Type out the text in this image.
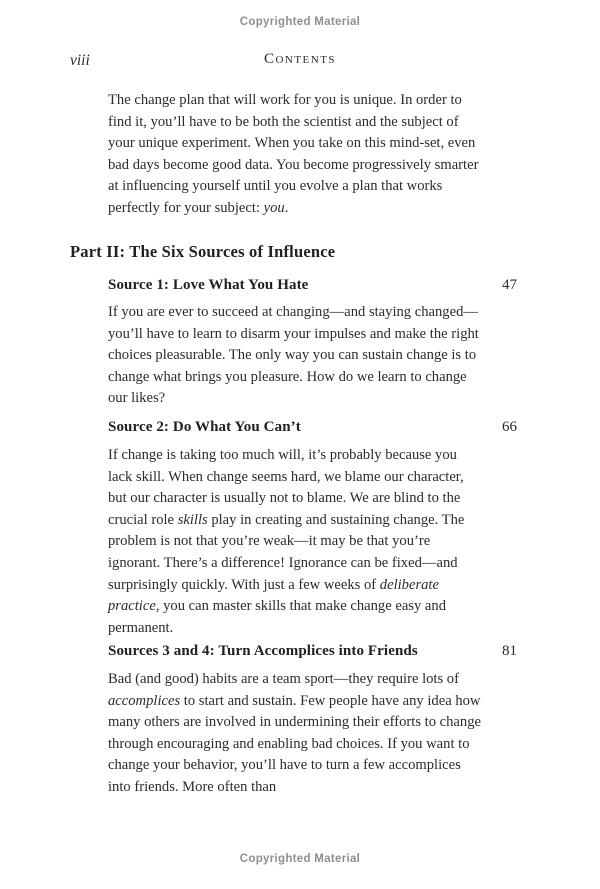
Copyrighted Material
viii	Contents
The change plan that will work for you is unique. In order to find it, you’ll have to be both the scientist and the subject of your unique experiment. When you take on this mind-set, even bad days become good data. You become progressively smarter at influencing yourself until you evolve a plan that works perfectly for your subject: you.
Part II: The Six Sources of Influence
Source 1: Love What You Hate	47
If you are ever to succeed at changing—and staying changed—you’ll have to learn to disarm your impulses and make the right choices pleasurable. The only way you can sustain change is to change what brings you pleasure. How do we learn to change our likes?
Source 2: Do What You Can’t	66
If change is taking too much will, it’s probably because you lack skill. When change seems hard, we blame our character, but our character is usually not to blame. We are blind to the crucial role skills play in creating and sustaining change. The problem is not that you’re weak—it may be that you’re ignorant. There’s a difference! Ignorance can be fixed—and surprisingly quickly. With just a few weeks of deliberate practice, you can master skills that make change easy and permanent.
Sources 3 and 4: Turn Accomplices into Friends	81
Bad (and good) habits are a team sport—they require lots of accomplices to start and sustain. Few people have any idea how many others are involved in undermining their efforts to change through encouraging and enabling bad choices. If you want to change your behavior, you’ll have to turn a few accomplices into friends. More often than
Copyrighted Material
